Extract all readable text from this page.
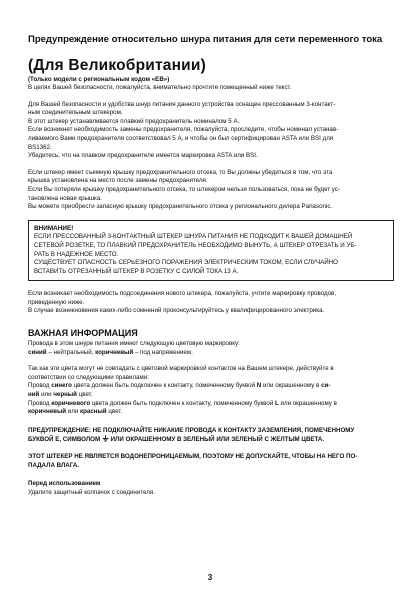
Предупреждение относительно шнура питания для сети переменного тока
(Для Великобритании)
(Только модели с региональным кодом «EB»)

В целях Вашей безопасности, пожалуйста, внимательно прочтите помещенный ниже текст.

Для Вашей безопасности и удобства шнур питания данного устройства оснащен прессованным 3-контакт-

ным соединительным штекером.

В этот штекер устанавливается плавкий предохранитель номиналом 5 А.

Если возникнет необходимость замены предохранителя, пожалуйста, проследите, чтобы номинал устанав-

ливаемого Вами предохранителя соответствовал 5 А, и чтобы он был сертифицирован ASTA или BSI для

BS1362.

Убедитесь, что на плавком предохранителе имеется маркировка ASTA или BSI.

Если штекер имеет съемную крышку предохранительного отсека, то Вы должны убедиться в том, что эта

крышка установлена на место после замены предохранителя.

Если Вы потеряли крышку предохранительного отсека, то штекером нельзя пользоваться, пока не будет ус-

тановлена новая крышка.

Вы можете приобрести запасную крышку предохранительного отсека у регионального дилера Panasonic.

ВНИМАНИЕ!

ЕСЛИ ПРЕССОВАННЫЙ 3-КОНТАКТНЫЙ ШТЕКЕР ШНУРА ПИТАНИЯ НЕ ПОДХОДИТ К ВАШЕЙ ДОМАШНЕЙ

СЕТЕВОЙ РОЗЕТКЕ, ТО ПЛАВКИЙ ПРЕДОХРАНИТЕЛЬ НЕОБХОДИМО ВЫНУТЬ, А ШТЕКЕР ОТРЕЗАТЬ И УБ-

РАТЬ В НАДЕЖНОЕ МЕСТО.

СУЩЕСТВУЕТ ОПАСНОСТЬ СЕРЬЕЗНОГО ПОРАЖЕНИЯ ЭЛЕКТРИЧЕСКИМ ТОКОМ, ЕСЛИ СЛУЧАЙНО

ВСТАВИТЬ ОТРЕЗАННЫЙ ШТЕКЕР В РОЗЕТКУ С СИЛОЙ ТОКА 13 А.

Если возникает необходимость подсоединения нового штекера, пожалуйста, учтите маркировку проводов,

приведенную ниже.

В случае возникновения каких-либо сомнений проконсультируйтесь у квалифицированного электрика.

ВАЖНАЯ ИНФОРМАЦИЯ

Провода в этом шнуре питания имеют следующую цветовую маркировку:

синий – нейтральный, коричневый – под напряжением.

Так как эти цвета могут не совпадать с цветовой маркировкой контактов на Вашем штекере, действуйте в

соответствии со следующими правилами:

Провод синего цвета должен быть подключен к контакту, помеченному буквой N или окрашенному в си-

ний или черный цвет.

Провод коричневого цвета должен быть подключен к контакту, помеченному буквой L или окрашенному в

коричневый или красный цвет.

ПРЕДУПРЕЖДЕНИЕ: НЕ ПОДКЛЮЧАЙТЕ НИКАКИЕ ПРОВОДА К КОНТАКТУ ЗАЗЕМЛЕНИЯ, ПОМЕЧЕННОМУ

БУКВОЙ Е, СИМВОЛОМ  ИЛИ ОКРАШЕННОМУ В ЗЕЛЕНЫЙ ИЛИ ЗЕЛЕНЫЙ С ЖЕЛТЫМ ЦВЕТА.

ЭТОТ ШТЕКЕР НЕ ЯВЛЯЕТСЯ ВОДОНЕПРОНИЦАЕМЫМ, ПОЭТОМУ НЕ ДОПУСКАЙТЕ, ЧТОБЫ НА НЕГО ПО-

ПАДАЛА ВЛАГА.

Перед использованием

Удалите защитный колпачок с соединителя.

3
